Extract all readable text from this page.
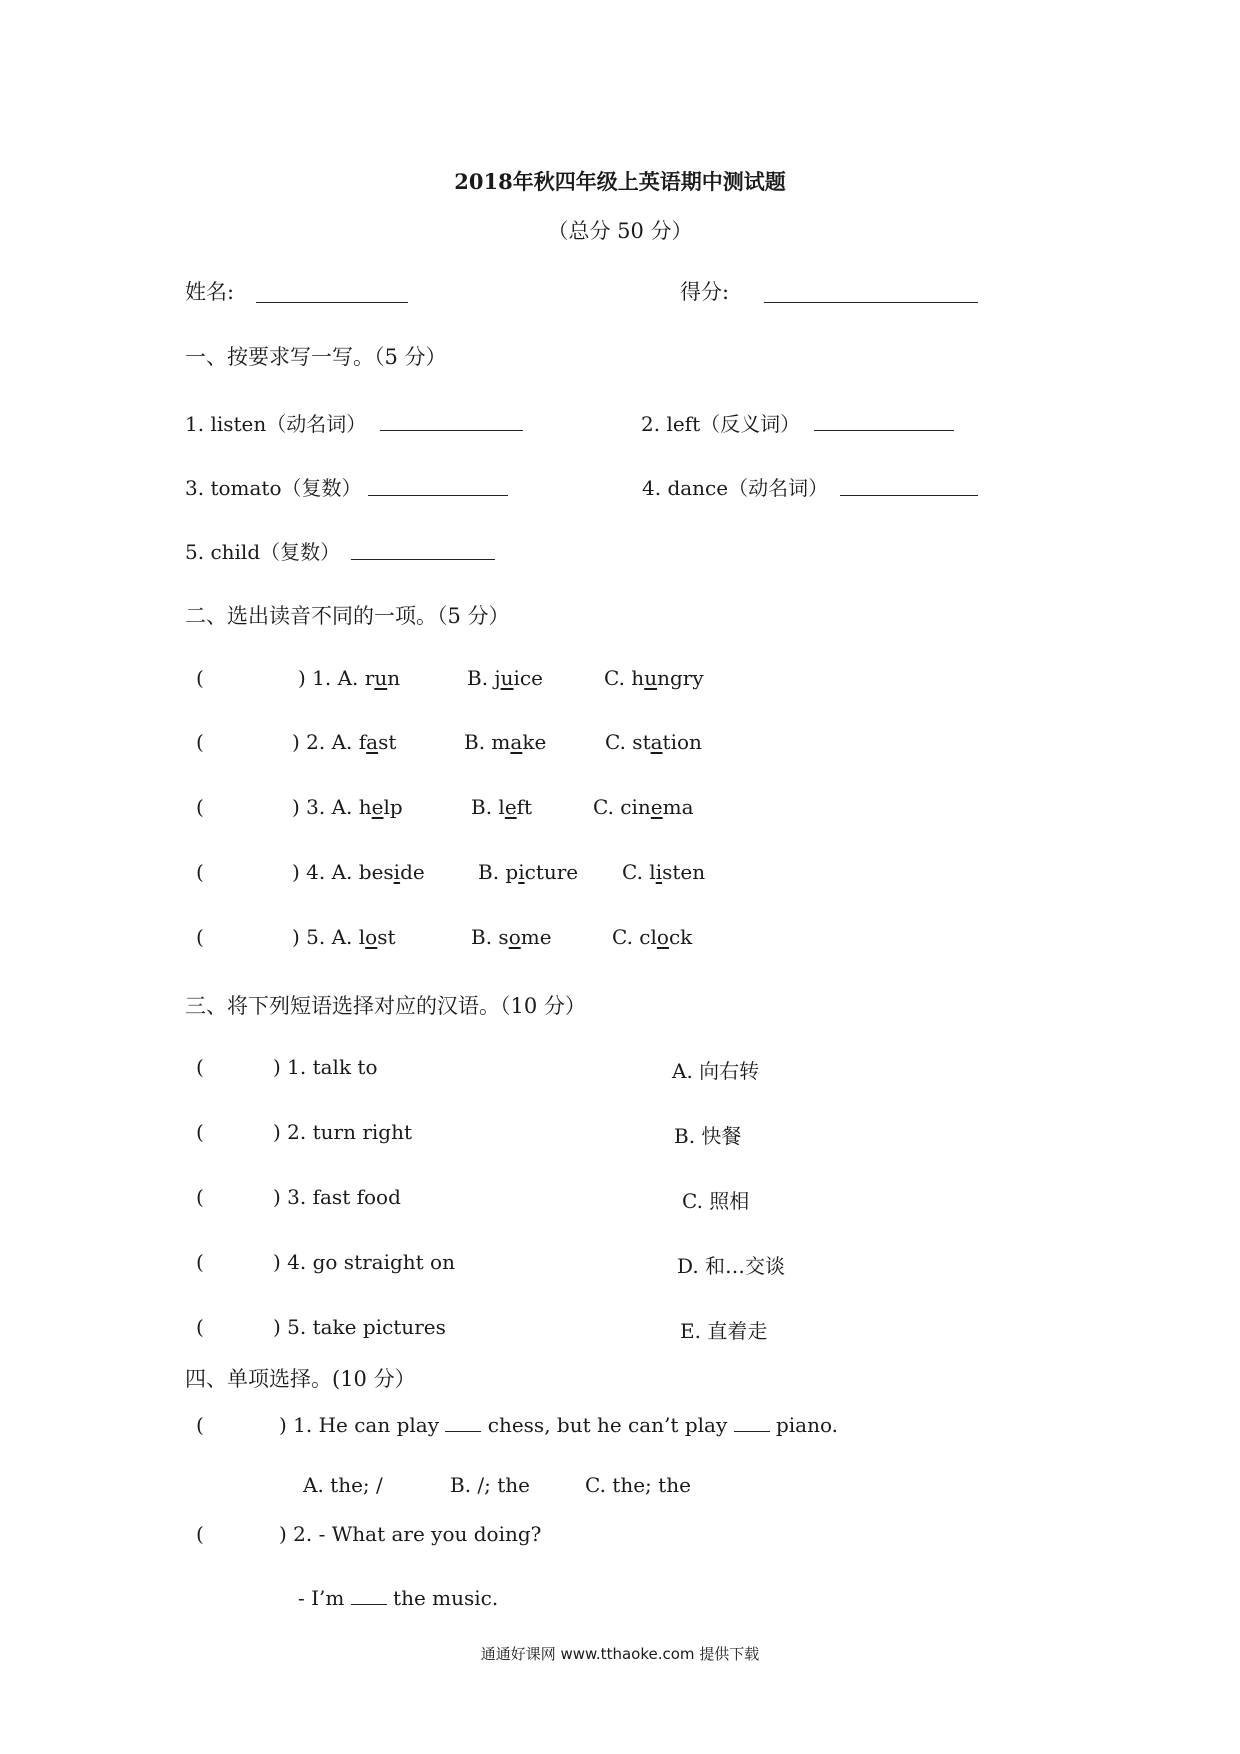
2018年秋四年级上英语期中测试题
（总分 50 分）
姓名:	得分:
一、按要求写一写。（5 分）
1. listen（动名词）	2. left（反义词）
3. tomato（复数）	4. dance（动名词）
5. child（复数）
二、选出读音不同的一项。（5 分）
(	) 1. A. run	B. juice	C. hungry
(	) 2. A. fast	B. make	C. station
(	) 3. A. help	B. left	C. cinema
(	) 4. A. beside	B. picture C. listen
(	) 5. A. lost	B. some	C. clock
三、将下列短语选择对应的汉语。（10 分）
(	) 1. talk to	A. 向右转
(	) 2. turn right	B. 快餐
(	) 3. fast food	C. 照相
(	) 4. go straight on	D. 和…交谈
(	) 5. take pictures	E. 直着走
四、单项选择。(10 分）
(	) 1. He can play  chess, but he can’t play  piano.
A. the; /	B. /; the	C. the; the
(	) 2. - What are you doing?
- I’m  the music.
通通好课网 www.tthaoke.com 提供下载
